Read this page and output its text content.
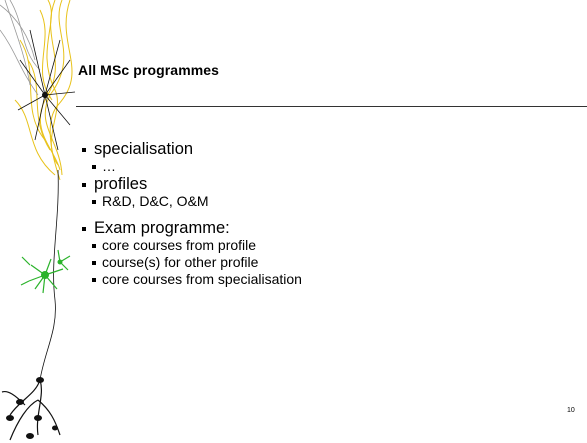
All MSc programmes
specialisation
…
profiles
R&D, D&C, O&M
Exam programme:
core courses from profile
course(s) for other profile
core courses from specialisation
10
